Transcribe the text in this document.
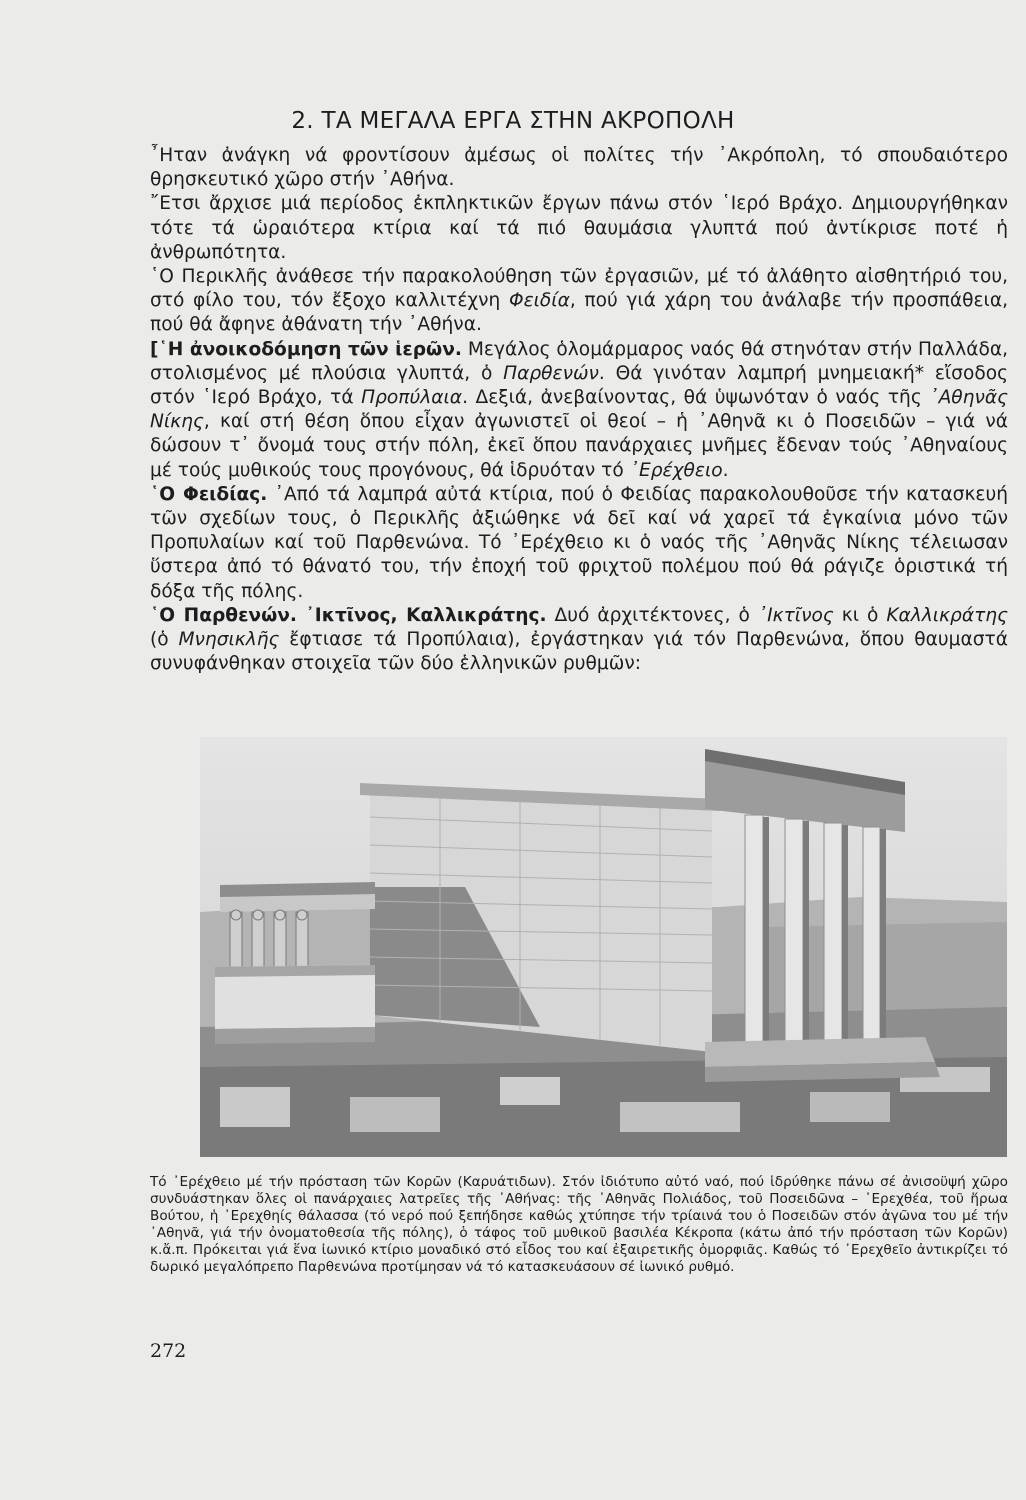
2. ΤΑ ΜΕΓΑΛΑ ΕΡΓΑ ΣΤΗΝ ΑΚΡΟΠΟΛΗ

῏Ηταν ἀνάγκη νά φροντίσουν ἀμέσως οἱ πολίτες τήν ᾽Ακρόπολη, τό σπουδαιότερο θρησκευτικό χῶρο στήν ᾽Αθήνα.

῎Ετσι ἄρχισε μιά περίοδος ἐκπληκτικῶν ἔργων πάνω στόν ῾Ιερό Βράχο. Δημιουργήθηκαν τότε τά ὡραιότερα κτίρια καί τά πιό θαυμάσια γλυπτά πού ἀντίκρισε ποτέ ἡ ἀνθρωπότητα.

῾Ο Περικλῆς ἀνάθεσε τήν παρακολούθηση τῶν ἐργασιῶν, μέ τό ἀλάθητο αἰσθητήριό του, στό φίλο του, τόν ἔξοχο καλλιτέχνη Φειδία, πού γιά χάρη του ἀνάλαβε τήν προσπάθεια, πού θά ἄφηνε ἀθάνατη τήν ᾽Αθήνα.

[῾Η ἀνοικοδόμηση τῶν ἱερῶν. Μεγάλος ὁλομάρμαρος ναός θά στηνόταν στήν Παλλάδα, στολισμένος μέ πλούσια γλυπτά, ὁ Παρθενών. Θά γινόταν λαμπρή μνημειακή* εἴσοδος στόν ῾Ιερό Βράχο, τά Προπύλαια. Δεξιά, ἀνεβαίνοντας, θά ὑψωνόταν ὁ ναός τῆς ᾽Αθηνᾶς Νίκης, καί στή θέση ὅπου εἶχαν ἀγωνιστεῖ οἱ θεοί – ἡ ᾽Αθηνᾶ κι ὁ Ποσειδῶν – γιά νά δώσουν τ᾽ ὄνομά τους στήν πόλη, ἐκεῖ ὅπου πανάρχαιες μνῆμες ἔδεναν τούς ᾽Αθηναίους μέ τούς μυθικούς τους προγόνους, θά ἱδρυόταν τό ᾽Ερέχθειο.

῾Ο Φειδίας. ᾽Από τά λαμπρά αὐτά κτίρια, πού ὁ Φειδίας παρακολουθοῦσε τήν κατασκευή τῶν σχεδίων τους, ὁ Περικλῆς ἀξιώθηκε νά δεῖ καί νά χαρεῖ τά ἐγκαίνια μόνο τῶν Προπυλαίων καί τοῦ Παρθενώνα. Τό ᾽Ερέχθειο κι ὁ ναός τῆς ᾽Αθηνᾶς Νίκης τέλειωσαν ὕστερα ἀπό τό θάνατό του, τήν ἐποχή τοῦ φριχτοῦ πολέμου πού θά ράγιζε ὁριστικά τή δόξα τῆς πόλης.

῾Ο Παρθενών. ᾽Ικτῖνος, Καλλικράτης. Δυό ἀρχιτέκτονες, ὁ ᾽Ικτῖνος κι ὁ Καλλικράτης (ὁ Μνησικλῆς ἔφτιασε τά Προπύλαια), ἐργάστηκαν γιά τόν Παρθενώνα, ὅπου θαυμαστά συνυφάνθηκαν στοιχεῖα τῶν δύο ἑλληνικῶν ρυθμῶν:

Τό ᾽Ερέχθειο μέ τήν πρόσταση τῶν Κορῶν (Καρυάτιδων). Στόν ἰδιότυπο αὐτό ναό, πού ἱδρύθηκε πάνω σέ ἀνισοϋψή χῶρο συνδυάστηκαν ὅλες οἱ πανάρχαιες λατρεῖες τῆς ᾽Αθήνας: τῆς ᾽Αθηνᾶς Πολιάδος, τοῦ Ποσειδῶνα – ᾽Ερεχθέα, τοῦ ἥρωα Βούτου, ἡ ᾽Ερεχθηίς θάλασσα (τό νερό πού ξεπήδησε καθώς χτύπησε τήν τρίαινά του ὁ Ποσειδῶν στόν ἀγῶνα του μέ τήν ᾽Αθηνᾶ, γιά τήν ὀνοματοθεσία τῆς πόλης), ὁ τάφος τοῦ μυθικοῦ βασιλέα Κέκροπα (κάτω ἀπό τήν πρόσταση τῶν Κορῶν) κ.ἄ.π. Πρόκειται γιά ἕνα ἰωνικό κτίριο μοναδικό στό εἶδος του καί ἐξαιρετικῆς ὀμορφιᾶς. Καθώς τό ᾽Ερεχθεῖο ἀντικρίζει τό δωρικό μεγαλόπρεπο Παρθενώνα προτίμησαν νά τό κατασκευάσουν σέ ἰωνικό ρυθμό.
272
